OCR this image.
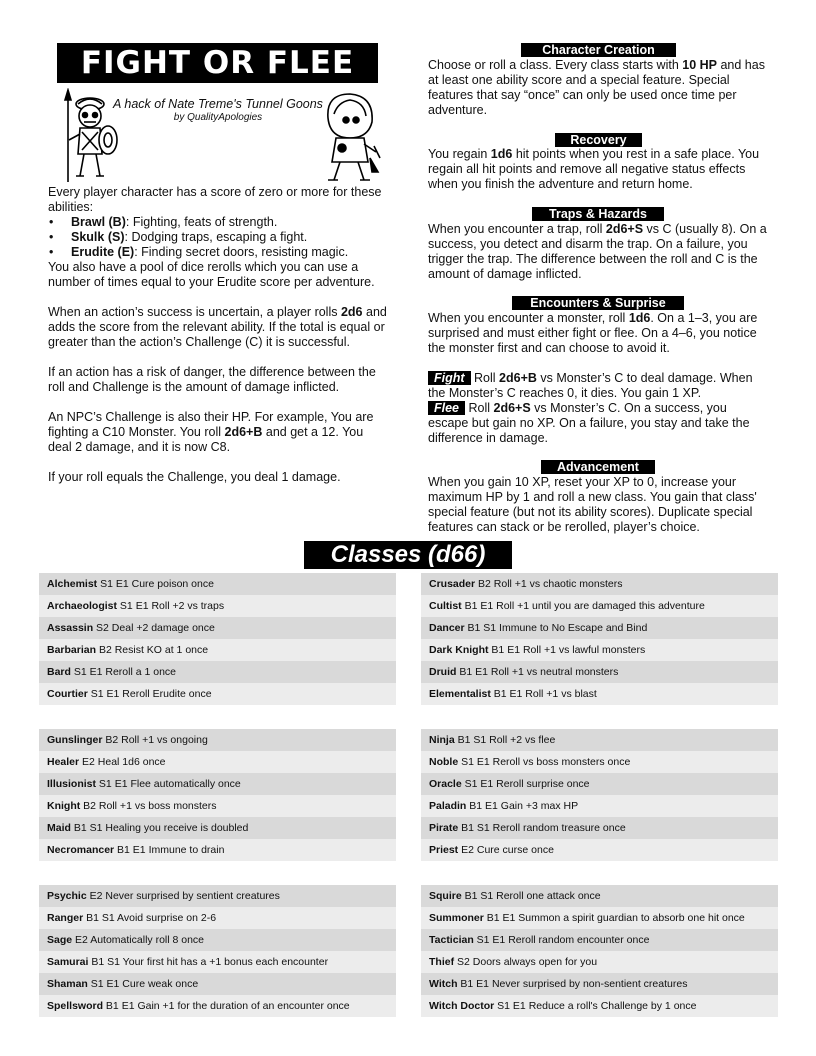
FIGHT OR FLEE
A hack of Nate Treme's Tunnel Goons
by QualityApologies
Every player character has a score of zero or more for these abilities:
• Brawl (B): Fighting, feats of strength.
• Skulk (S): Dodging traps, escaping a fight.
• Erudite (E): Finding secret doors, resisting magic.
You also have a pool of dice rerolls which you can use a number of times equal to your Erudite score per adventure.
When an action’s success is uncertain, a player rolls 2d6 and adds the score from the relevant ability. If the total is equal or greater than the action’s Challenge (C) it is successful.
If an action has a risk of danger, the difference between the roll and Challenge is the amount of damage inflicted.
An NPC’s Challenge is also their HP. For example, You are fighting a C10 Monster. You roll 2d6+B and get a 12. You deal 2 damage, and it is now C8.
If your roll equals the Challenge, you deal 1 damage.
Character Creation
Choose or roll a class. Every class starts with 10 HP and has at least one ability score and a special feature. Special features that say “once” can only be used once time per adventure.
Recovery
You regain 1d6 hit points when you rest in a safe place. You regain all hit points and remove all negative status effects when you finish the adventure and return home.
Traps & Hazards
When you encounter a trap, roll 2d6+S vs C (usually 8). On a success, you detect and disarm the trap. On a failure, you trigger the trap. The difference between the roll and C is the amount of damage inflicted.
Encounters & Surprise
When you encounter a monster, roll 1d6. On a 1–3, you are surprised and must either fight or flee. On a 4–6, you notice the monster first and can choose to avoid it.
Fight Roll 2d6+B vs Monster’s C to deal damage. When the Monster’s C reaches 0, it dies. You gain 1 XP.
Flee Roll 2d6+S vs Monster’s C. On a success, you escape but gain no XP. On a failure, you stay and take the difference in damage.
Advancement
When you gain 10 XP, reset your XP to 0, increase your maximum HP by 1 and roll a new class. You gain that class' special feature (but not its ability scores). Duplicate special features can stack or be rerolled, player’s choice.
Classes (d66)
Alchemist S1 E1 Cure poison once
Archaeologist S1 E1 Roll +2 vs traps
Assassin S2 Deal +2 damage once
Barbarian B2 Resist KO at 1 once
Bard S1 E1 Reroll a 1 once
Courtier S1 E1 Reroll Erudite once
Crusader B2 Roll +1 vs chaotic monsters
Cultist B1 E1 Roll +1 until you are damaged this adventure
Dancer B1 S1 Immune to No Escape and Bind
Dark Knight B1 E1 Roll +1 vs lawful monsters
Druid B1 E1 Roll +1 vs neutral monsters
Elementalist B1 E1 Roll +1 vs blast
Gunslinger B2 Roll +1 vs ongoing
Healer E2 Heal 1d6 once
Illusionist S1 E1 Flee automatically once
Knight B2 Roll +1 vs boss monsters
Maid B1 S1 Healing you receive is doubled
Necromancer B1 E1 Immune to drain
Ninja B1 S1 Roll +2 vs flee
Noble S1 E1 Reroll vs boss monsters once
Oracle S1 E1 Reroll surprise once
Paladin B1 E1 Gain +3 max HP
Pirate B1 S1 Reroll random treasure once
Priest E2 Cure curse once
Psychic E2 Never surprised by sentient creatures
Ranger B1 S1 Avoid surprise on 2-6
Sage E2 Automatically roll 8 once
Samurai B1 S1 Your first hit has a +1 bonus each encounter
Shaman S1 E1 Cure weak once
Spellsword B1 E1 Gain +1 for the duration of an encounter once
Squire B1 S1 Reroll one attack once
Summoner B1 E1 Summon a spirit guardian to absorb one hit once
Tactician S1 E1 Reroll random encounter once
Thief S2 Doors always open for you
Witch B1 E1 Never surprised by non-sentient creatures
Witch Doctor S1 E1 Reduce a roll's Challenge by 1 once
